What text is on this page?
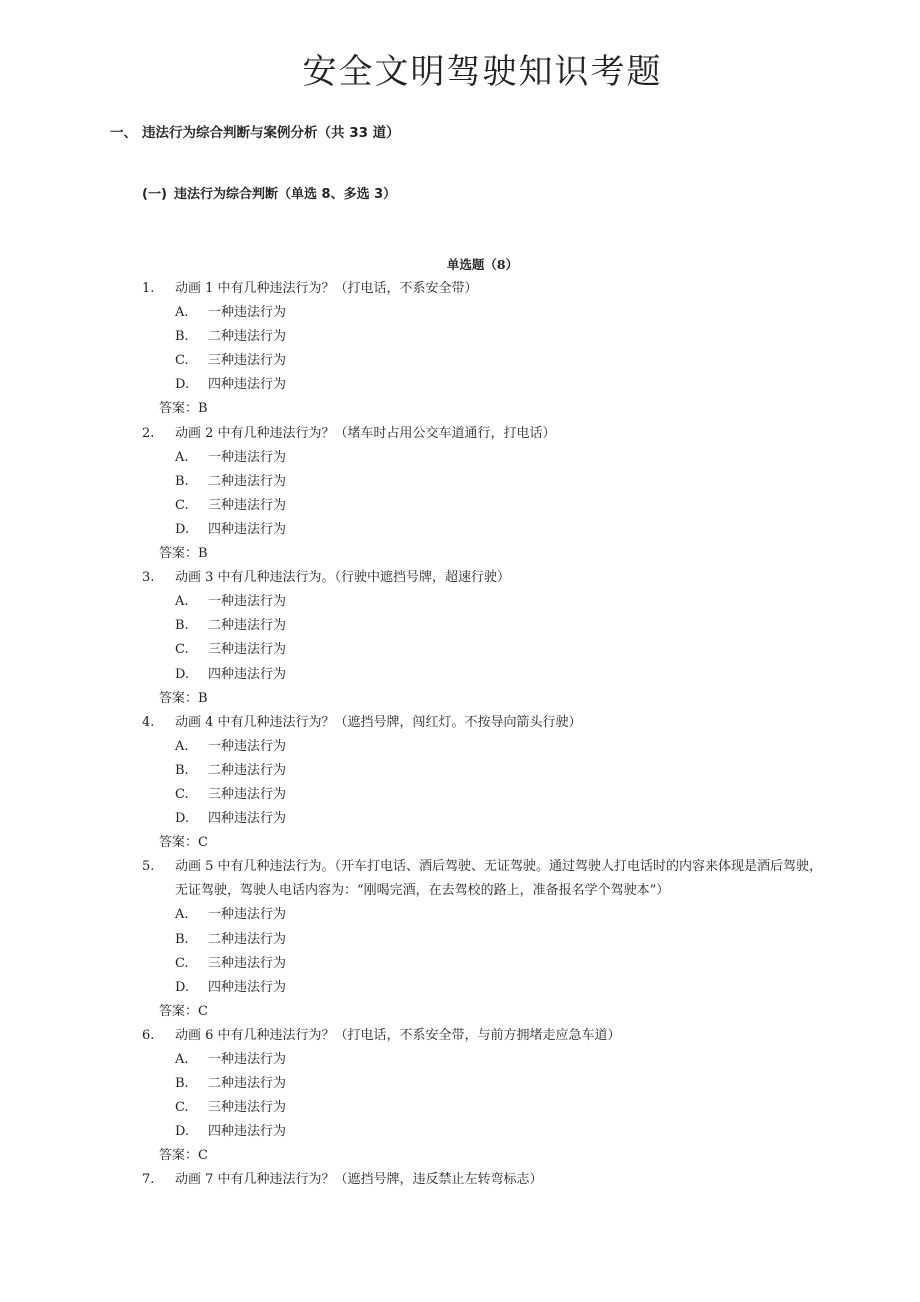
安全文明驾驶知识考题
一、 违法行为综合判断与案例分析（共 33 道）
(一) 违法行为综合判断（单选 8、多选 3）
单选题（8）
1. 动画 1 中有几种违法行为？（打电话，不系安全带）
A. 一种违法行为
B. 二种违法行为
C. 三种违法行为
D. 四种违法行为
答案：B
2. 动画 2 中有几种违法行为？（堵车时占用公交车道通行，打电话）
A. 一种违法行为
B. 二种违法行为
C. 三种违法行为
D. 四种违法行为
答案：B
3. 动画 3 中有几种违法行为。（行驶中遮挡号牌，超速行驶）
A. 一种违法行为
B. 二种违法行为
C. 三种违法行为
D. 四种违法行为
答案：B
4. 动画 4 中有几种违法行为？（遮挡号牌，闯红灯。不按导向箭头行驶）
A. 一种违法行为
B. 二种违法行为
C. 三种违法行为
D. 四种违法行为
答案：C
5. 动画 5 中有几种违法行为。（开车打电话、酒后驾驶、无证驾驶。通过驾驶人打电话时的内容来体现是酒后驾驶，
无证驾驶，驾驶人电话内容为：“刚喝完酒，在去驾校的路上，准备报名学个驾驶本”）
A. 一种违法行为
B. 二种违法行为
C. 三种违法行为
D. 四种违法行为
答案：C
6. 动画 6 中有几种违法行为？（打电话，不系安全带，与前方拥堵走应急车道）
A. 一种违法行为
B. 二种违法行为
C. 三种违法行为
D. 四种违法行为
答案：C
7. 动画 7 中有几种违法行为？（遮挡号牌，违反禁止左转弯标志）
